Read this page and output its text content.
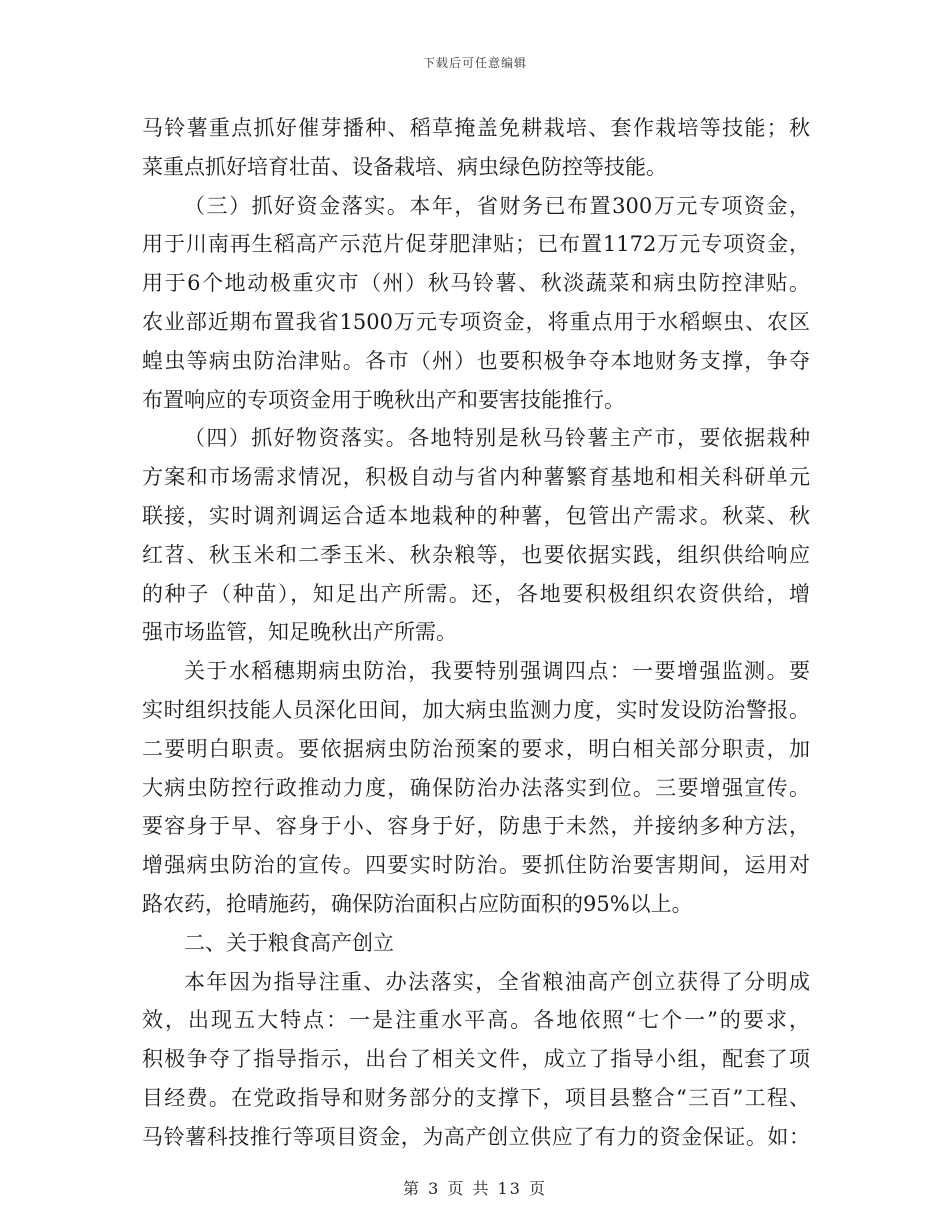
下载后可任意编辑
马铃薯重点抓好催芽播种、稻草掩盖免耕栽培、套作栽培等技能；秋
菜重点抓好培育壮苗、设备栽培、病虫绿色防控等技能。
（三）抓好资金落实。本年，省财务已布置300万元专项资金，
用于川南再生稻高产示范片促芽肥津贴；已布置1172万元专项资金，
用于6个地动极重灾市（州）秋马铃薯、秋淡蔬菜和病虫防控津贴。
农业部近期布置我省1500万元专项资金，将重点用于水稻螟虫、农区
蝗虫等病虫防治津贴。各市（州）也要积极争夺本地财务支撑，争夺
布置响应的专项资金用于晚秋出产和要害技能推行。
（四）抓好物资落实。各地特别是秋马铃薯主产市，要依据栽种
方案和市场需求情况，积极自动与省内种薯繁育基地和相关科研单元
联接，实时调剂调运合适本地栽种的种薯，包管出产需求。秋菜、秋
红苕、秋玉米和二季玉米、秋杂粮等，也要依据实践，组织供给响应
的种子（种苗），知足出产所需。还，各地要积极组织农资供给，增
强市场监管，知足晚秋出产所需。
关于水稻穗期病虫防治，我要特别强调四点：一要增强监测。要
实时组织技能人员深化田间，加大病虫监测力度，实时发设防治警报。
二要明白职责。要依据病虫防治预案的要求，明白相关部分职责，加
大病虫防控行政推动力度，确保防治办法落实到位。三要增强宣传。
要容身于早、容身于小、容身于好，防患于未然，并接纳多种方法，
增强病虫防治的宣传。四要实时防治。要抓住防治要害期间，运用对
路农药，抢晴施药，确保防治面积占应防面积的95%以上。
二、关于粮食高产创立
本年因为指导注重、办法落实，全省粮油高产创立获得了分明成
效，出现五大特点：一是注重水平高。各地依照“七个一”的要求，
积极争夺了指导指示，出台了相关文件，成立了指导小组，配套了项
目经费。在党政指导和财务部分的支撑下，项目县整合“三百”工程、
马铃薯科技推行等项目资金，为高产创立供应了有力的资金保证。如：
第 3 页 共 13 页
